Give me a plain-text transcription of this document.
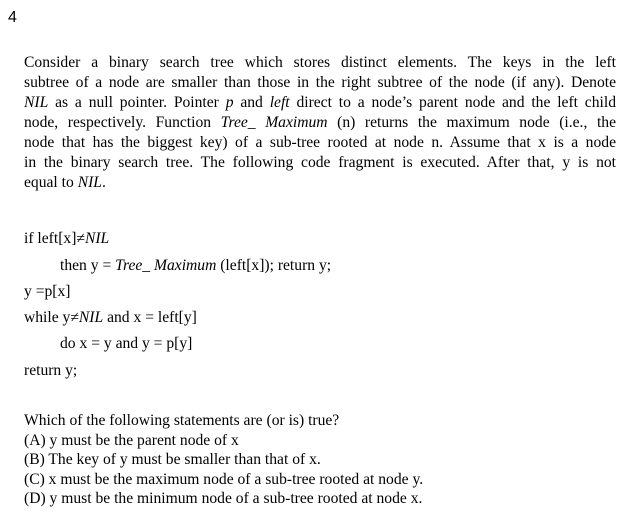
4
Consider a binary search tree which stores distinct elements. The keys in the left
subtree of a node are smaller than those in the right subtree of the node (if any). Denote
NIL as a null pointer. Pointer p and left direct to a node’s parent node and the left child
node, respectively. Function Tree_ Maximum (n) returns the maximum node (i.e., the
node that has the biggest key) of a sub-tree rooted at node n. Assume that x is a node
in the binary search tree. The following code fragment is executed. After that, y is not
equal to NIL.
if left[x]≠NIL
then y = Tree_ Maximum (left[x]); return y;
y =p[x]
while y≠NIL and x = left[y]
do x = y and y = p[y]
return y;
Which of the following statements are (or is) true?
(A) y must be the parent node of x
(B) The key of y must be smaller than that of x.
(C) x must be the maximum node of a sub-tree rooted at node y.
(D) y must be the minimum node of a sub-tree rooted at node x.
